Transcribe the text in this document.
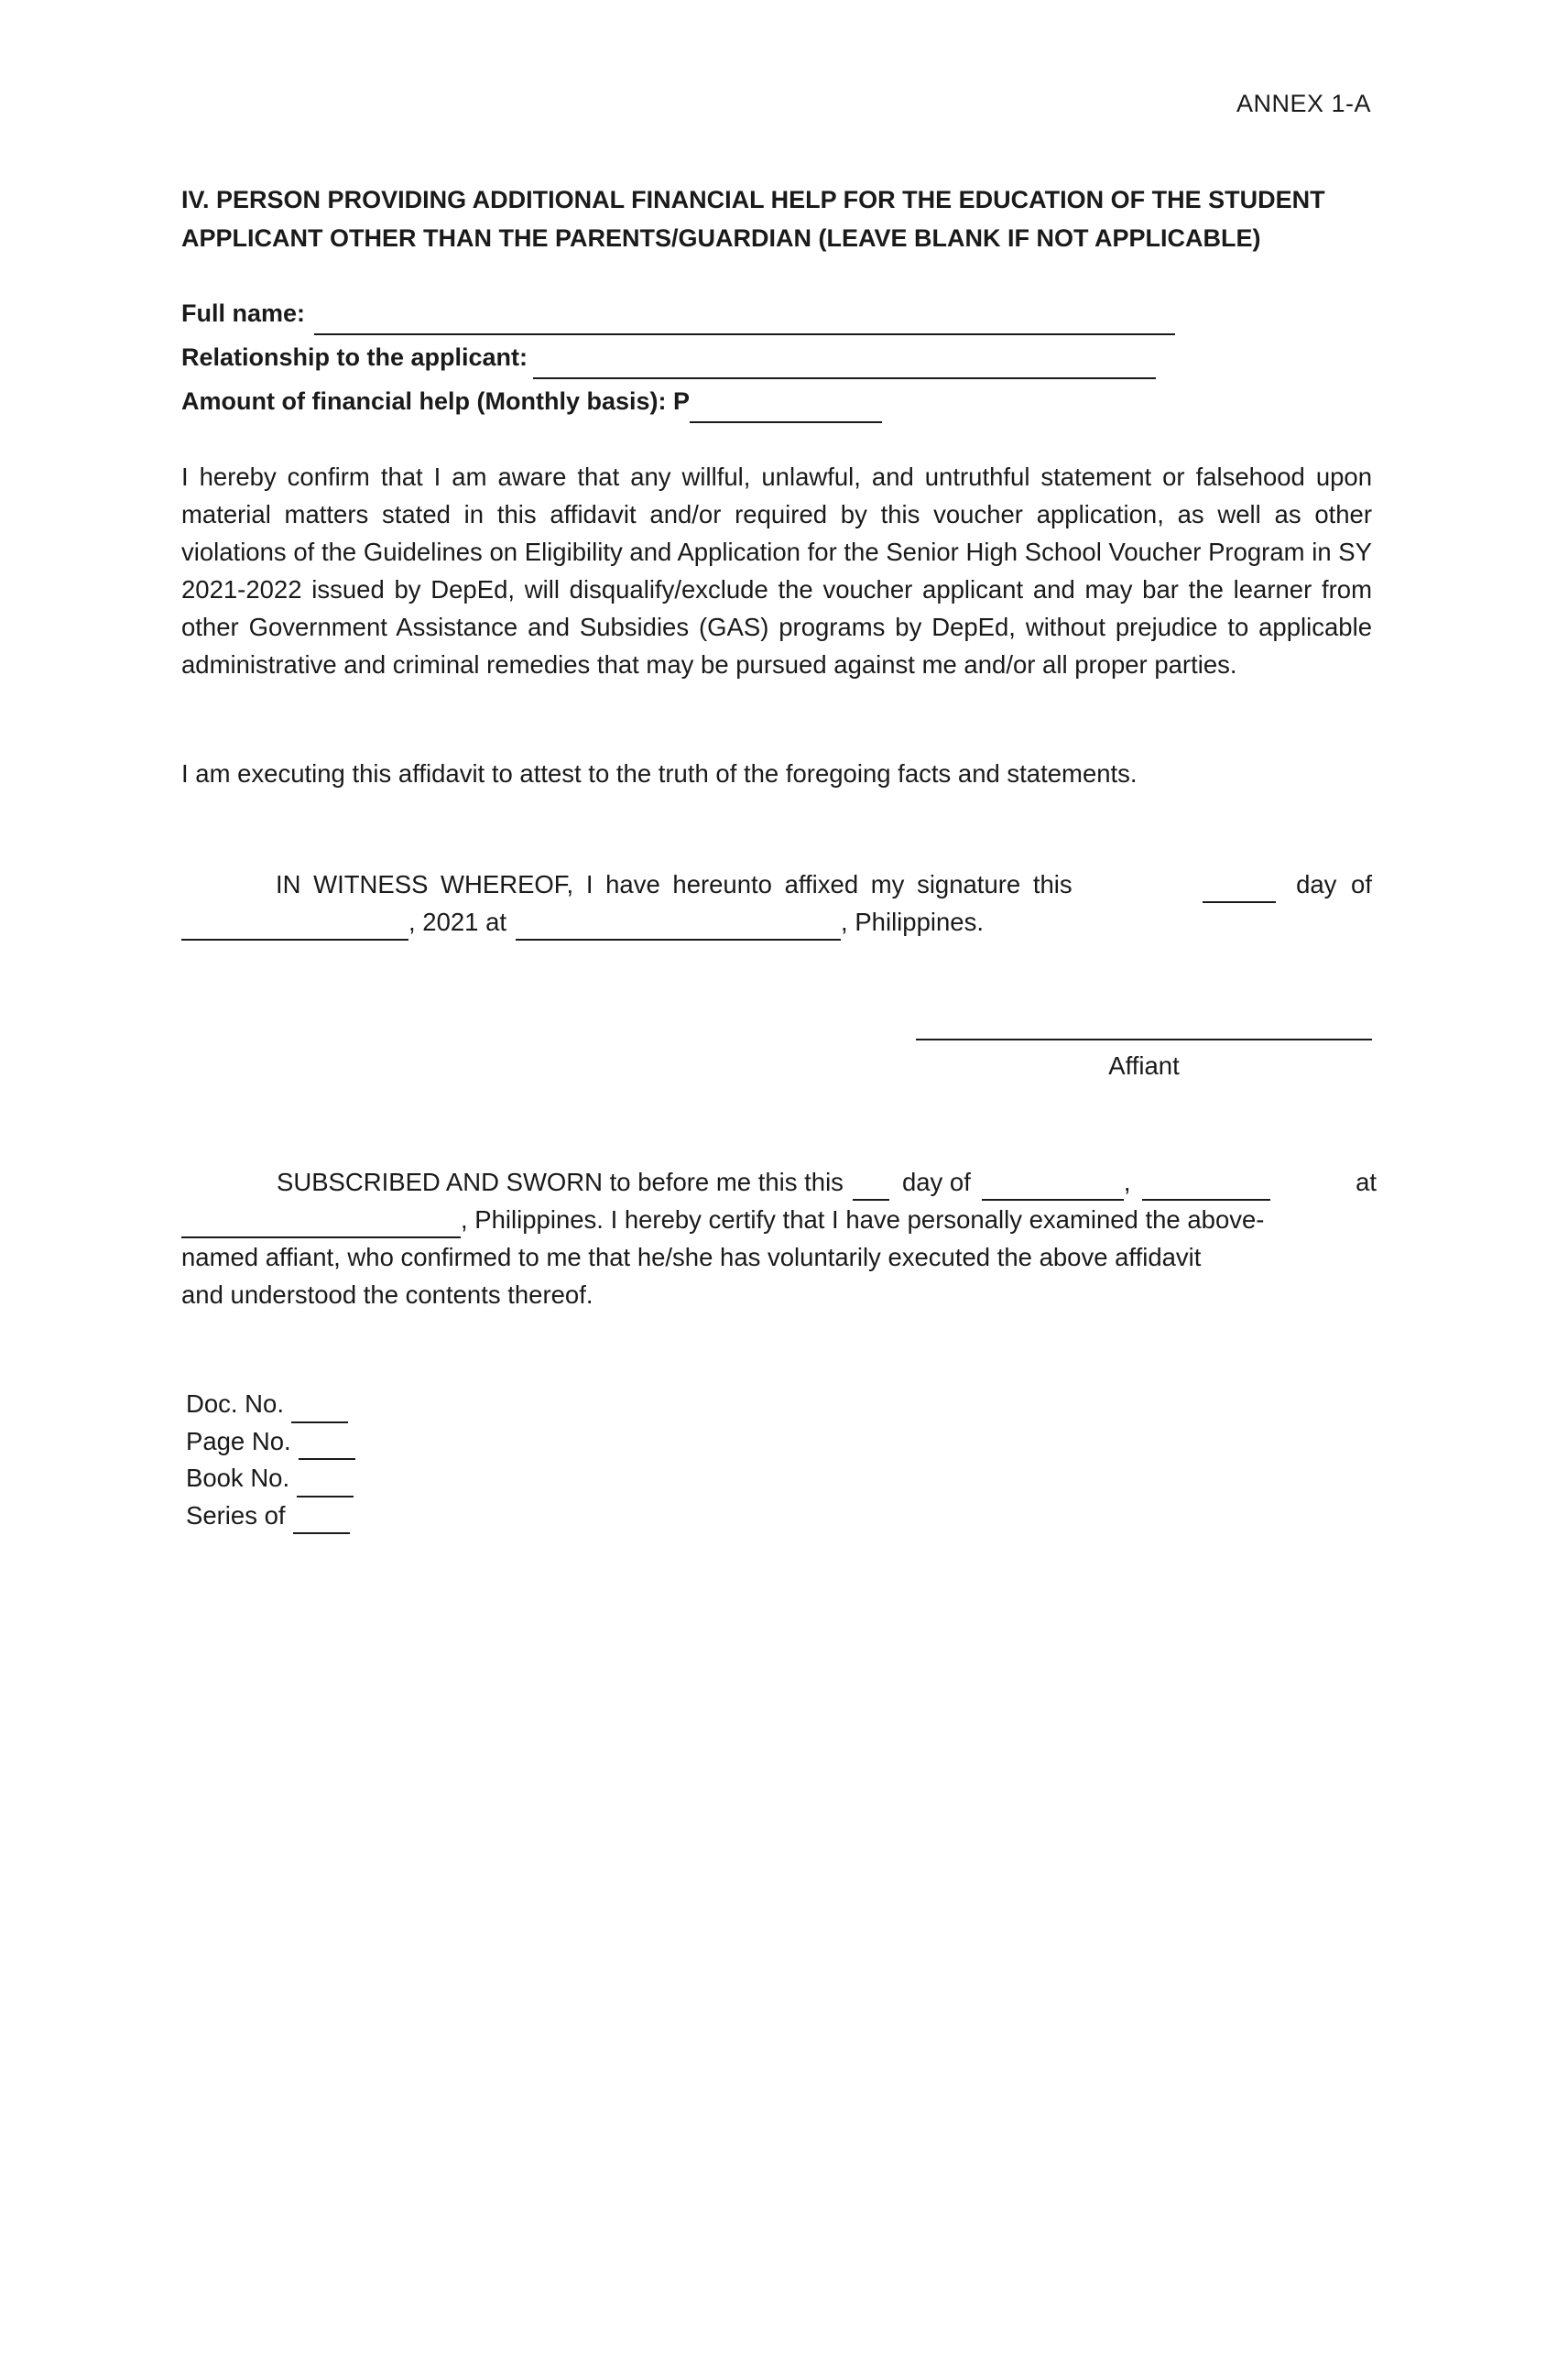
ANNEX 1-A
IV. PERSON PROVIDING ADDITIONAL FINANCIAL HELP FOR THE EDUCATION OF THE STUDENT APPLICANT OTHER THAN THE PARENTS/GUARDIAN (LEAVE BLANK IF NOT APPLICABLE)
Full name:
Relationship to the applicant:
Amount of financial help (Monthly basis): P
I hereby confirm that I am aware that any willful, unlawful, and untruthful statement or falsehood upon material matters stated in this affidavit and/or required by this voucher application, as well as other violations of the Guidelines on Eligibility and Application for the Senior High School Voucher Program in SY 2021-2022 issued by DepEd, will disqualify/exclude the voucher applicant and may bar the learner from other Government Assistance and Subsidies (GAS) programs by DepEd, without prejudice to applicable administrative and criminal remedies that may be pursued against me and/or all proper parties.
I am executing this affidavit to attest to the truth of the foregoing facts and statements.
IN WITNESS WHEREOF, I have hereunto affixed my signature this	day of
, 2021 at	, Philippines.
Affiant
SUBSCRIBED AND SWORN to before me this this day of	,	at
, Philippines. I hereby certify that I have personally examined the above-
named affiant, who confirmed to me that he/she has voluntarily executed the above affidavit
and understood the contents thereof.
Doc. No.
Page No.
Book No.
Series of
